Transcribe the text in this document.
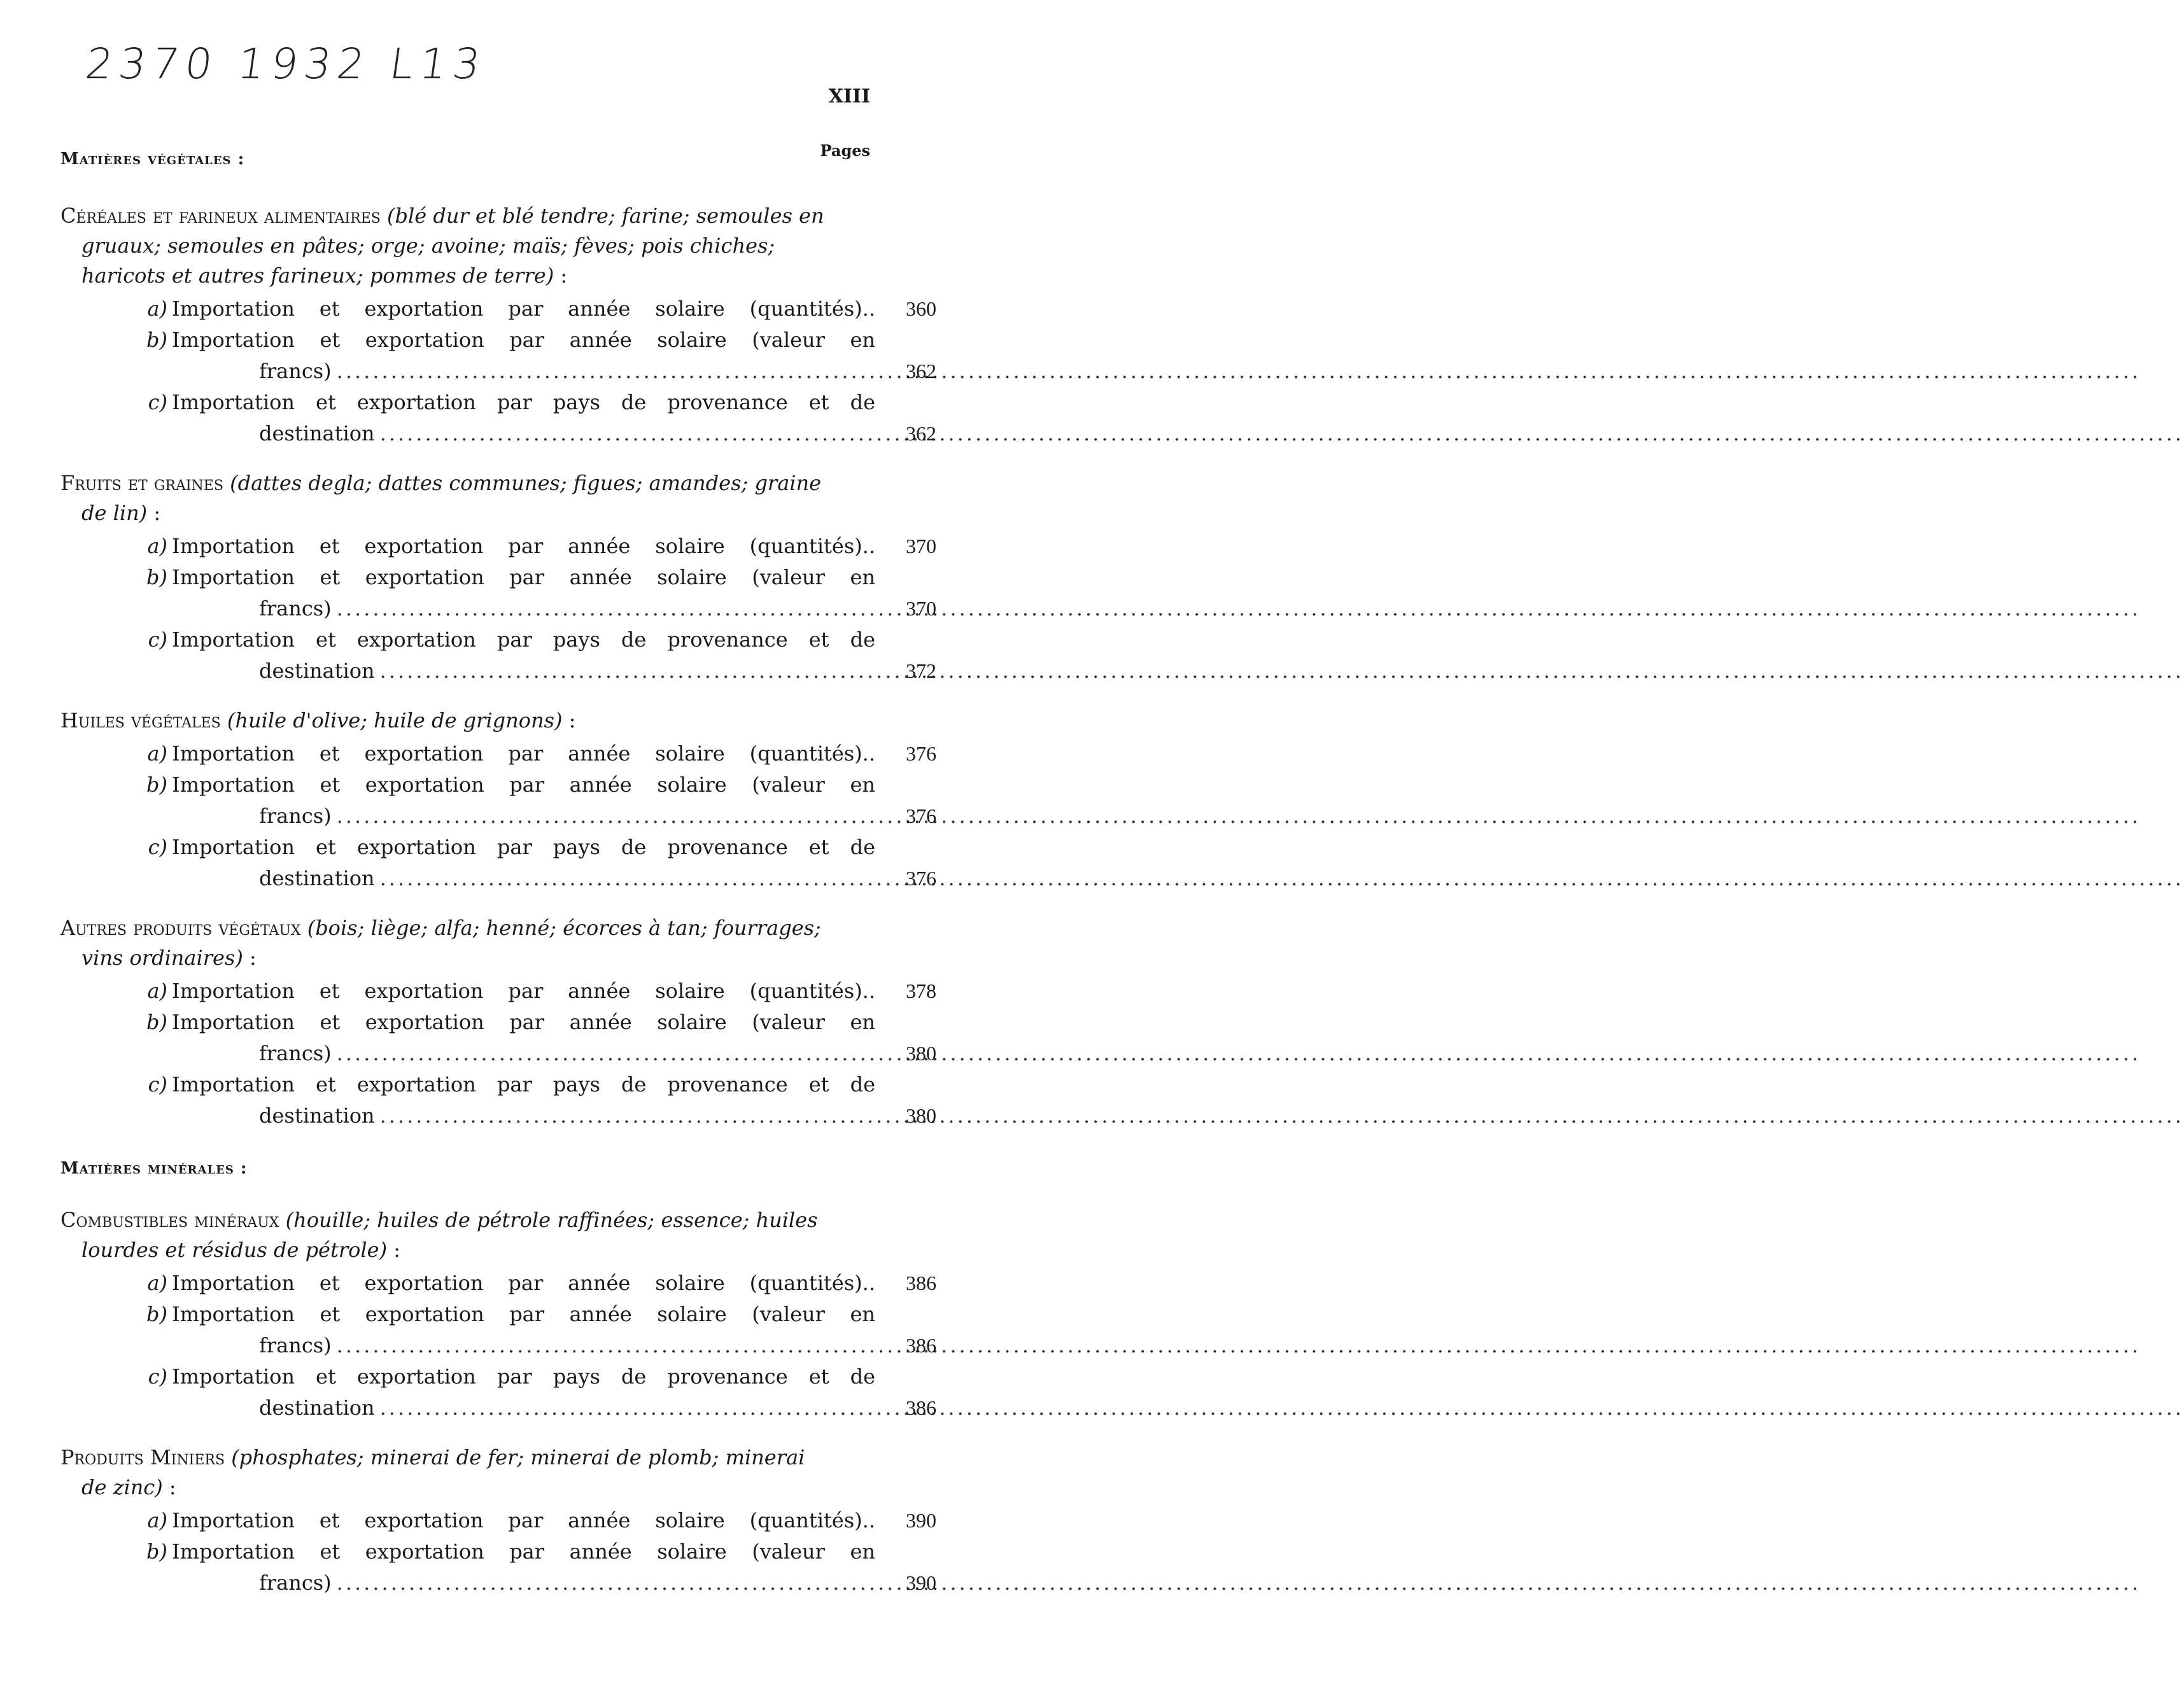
2370 1932 L13
XIII
Pages
Matières végétales :
Céréales et farineux alimentaires (blé dur et blé tendre; farine; semoules en gruaux; semoules en pâtes; orge; avoine; maïs; fèves; pois chiches; haricots et autres farineux; pommes de terre) :
a) Importation et exportation par année solaire (quantités)..	360
b) Importation et exportation par année solaire (valeur en
francs) .....	362
c) Importation et exportation par pays de provenance et de
destination .....	362
Fruits et graines (dattes degla; dattes communes; figues; amandes; graine de lin) :
a) Importation et exportation par année solaire (quantités)..	370
b) Importation et exportation par année solaire (valeur en
francs) .....	370
c) Importation et exportation par pays de provenance et de
destination .....	372
Huiles végétales (huile d'olive; huile de grignons) :
a) Importation et exportation par année solaire (quantités)..	376
b) Importation et exportation par année solaire (valeur en
francs) .....	376
c) Importation et exportation par pays de provenance et de
destination .....	376
Autres produits végétaux (bois; liège; alfa; henné; écorces à tan; fourrages; vins ordinaires) :
a) Importation et exportation par année solaire (quantités)..	378
b) Importation et exportation par année solaire (valeur en
francs) .....	380
c) Importation et exportation par pays de provenance et de
destination .....	380
Matières minérales :
Combustibles minéraux (houille; huiles de pétrole raffinées; essence; huiles lourdes et résidus de pétrole) :
a) Importation et exportation par année solaire (quantités)..	386
b) Importation et exportation par année solaire (valeur en
francs) .....	386
c) Importation et exportation par pays de provenance et de
destination .....	386
Produits Miniers (phosphates; minerai de fer; minerai de plomb; minerai de zinc) :
a) Importation et exportation par année solaire (quantités)..	390
b) Importation et exportation par année solaire (valeur en
francs) .....	390
